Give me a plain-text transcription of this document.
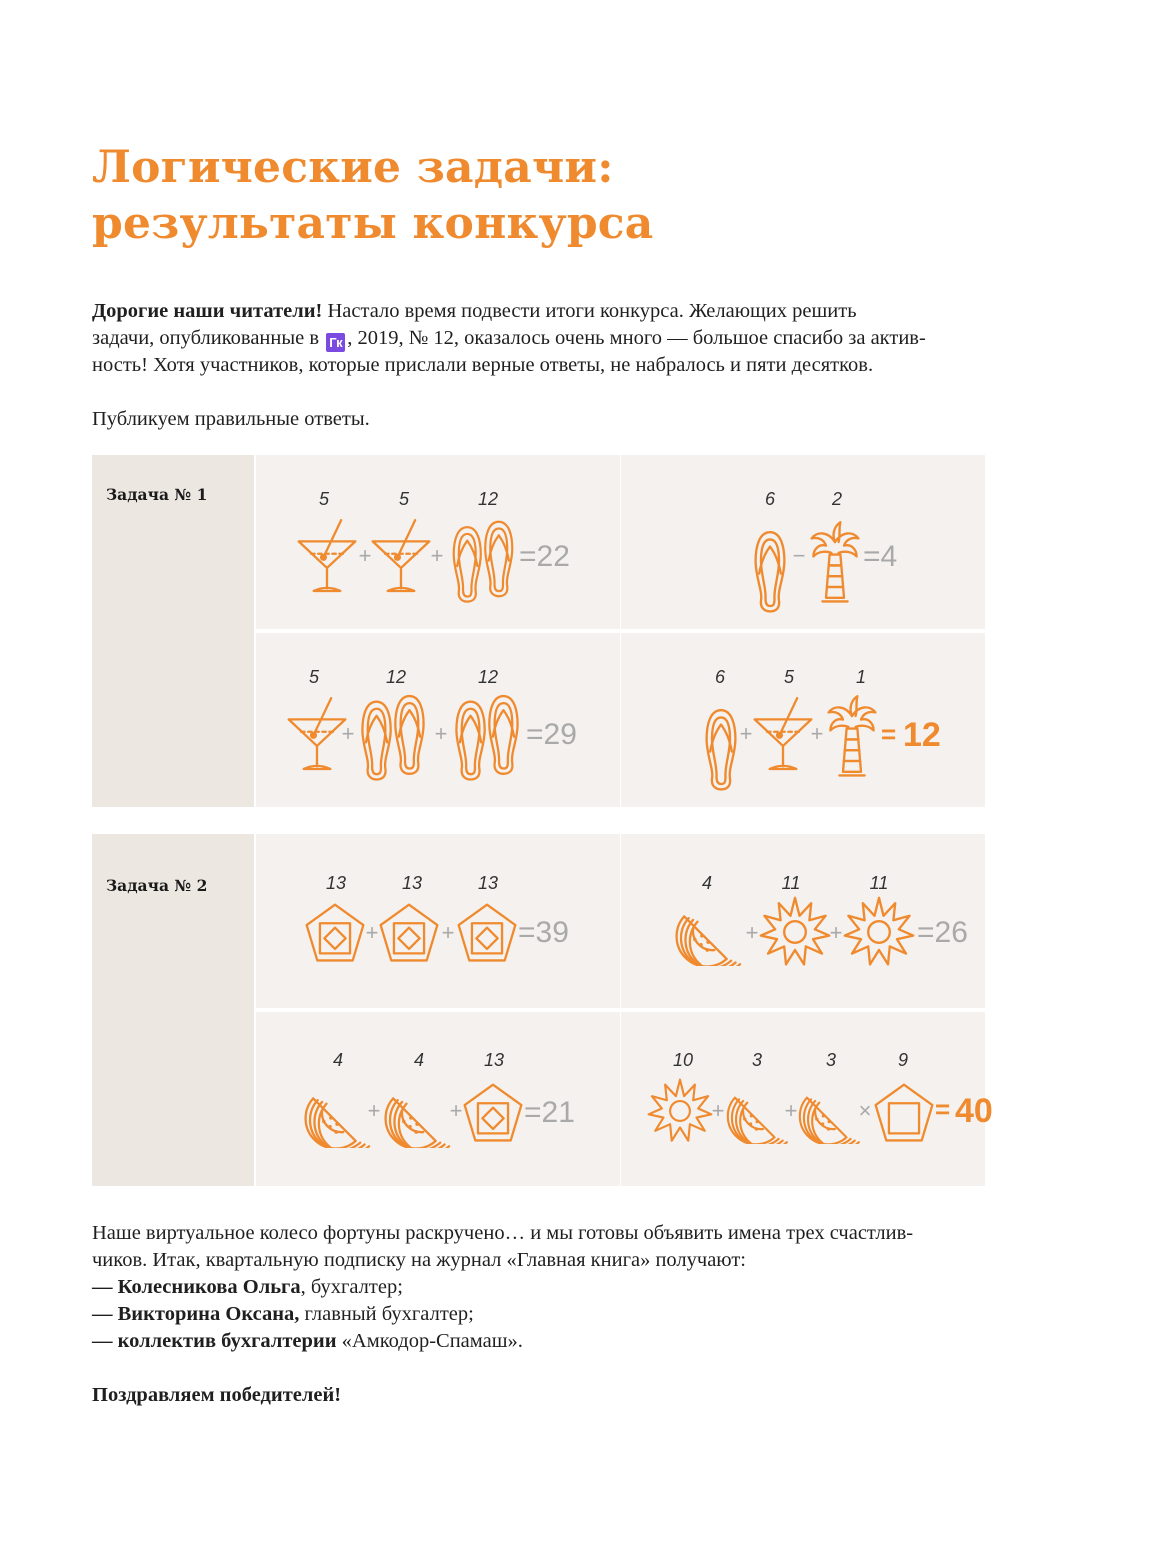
Логические задачи:
результаты конкурса
Дорогие наши читатели! Настало время подвести итоги конкурса. Желающих решить
задачи, опубликованные в Гк , 2019, № 12, оказалось очень много — большое спасибо за актив-
ность! Хотя участников, которые прислали верные ответы, не набралось и пяти десятков.
Публикуем правильные ответы.
Задача № 1	5	5	12
+	+	=22
6	2
− =4
5	12	12
+	+	=29
6	5	1
+	+ = 12
Задача № 2	13	13	13
+	+ =39
4	11	11
+	+ =26
4	4	13
+	+ =21
10	3	3	9
+	+	× = 40
Наше виртуальное колесо фортуны раскручено… и мы готовы объявить имена трех счастлив-
чиков. Итак, квартальную подписку на журнал «Главная книга» получают:
— Колесникова Ольга, бухгалтер;
— Викторина Оксана, главный бухгалтер;
— коллектив бухгалтерии «Амкодор-Спамаш».
Поздравляем победителей!
